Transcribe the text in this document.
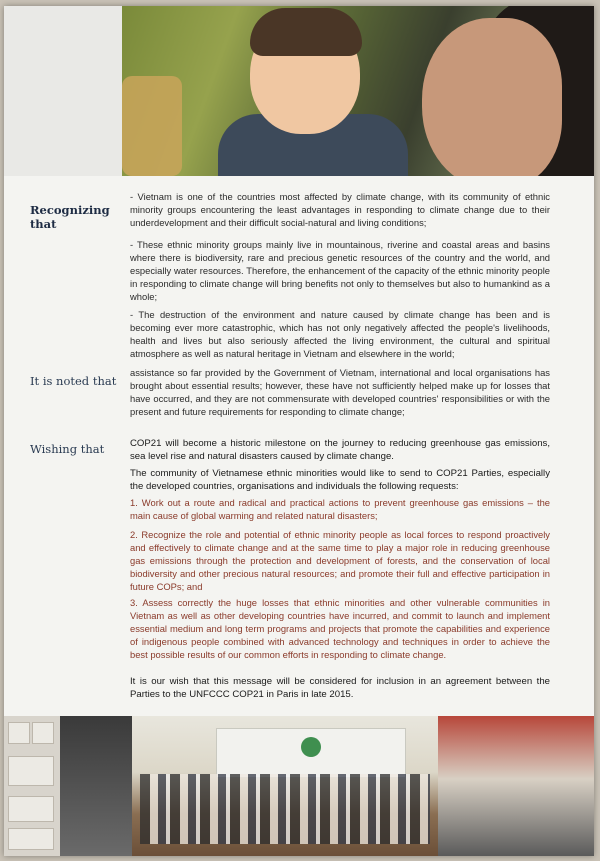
Recognizing that
- Vietnam is one of the countries most affected by climate change, with its community of ethnic minority groups encountering the least advantages in responding to climate change due to their underdevelopment and their difficult social-natural and living conditions;
- These ethnic minority groups mainly live in mountainous, riverine and coastal areas and basins where there is biodiversity, rare and precious genetic resources of the country and the world, and especially water resources. Therefore, the enhancement of the capacity of the ethnic minority people in responding to climate change will bring benefits not only to themselves but also to humankind as a whole;
- The destruction of the environment and nature caused by climate change has been and is becoming ever more catastrophic, which has not only negatively affected the people's livelihoods, health and lives but also seriously affected the living environment, the cultural and spiritual atmosphere as well as natural heritage in Vietnam and elsewhere in the world;
It is noted that
assistance so far provided by the Government of Vietnam, international and local organisations has brought about essential results; however, these have not sufficiently helped make up for losses that have occurred, and they are not commensurate with developed countries' responsibilities or with the present and future requirements for responding to climate change;
Wishing that	COP21 will become a historic milestone on the journey to reducing greenhouse gas emissions, sea level rise and natural disasters caused by climate change.
The community of Vietnamese ethnic minorities would like to send to COP21 Parties, especially the developed countries, organisations and individuals the following requests:
1. Work out a route and radical and practical actions to prevent greenhouse gas emissions – the main cause of global warming and related natural disasters;
2. Recognize the role and potential of ethnic minority people as local forces to respond proactively and effectively to climate change and at the same time to play a major role in reducing greenhouse gas emissions through the protection and development of forests, and the conservation of local biodiversity and other precious natural resources; and promote their full and effective participation in future COPs; and
3. Assess correctly the huge losses that ethnic minorities and other vulnerable communities in Vietnam as well as other developing countries have incurred, and commit to launch and implement essential medium and long term programs and projects that promote the capabilities and experience of indigenous people combined with advanced technology and techniques in order to achieve the best possible results of our common efforts in responding to climate change.
It is our wish that this message will be considered for inclusion in an agreement between the Parties to the UNFCCC COP21 in Paris in late 2015.
